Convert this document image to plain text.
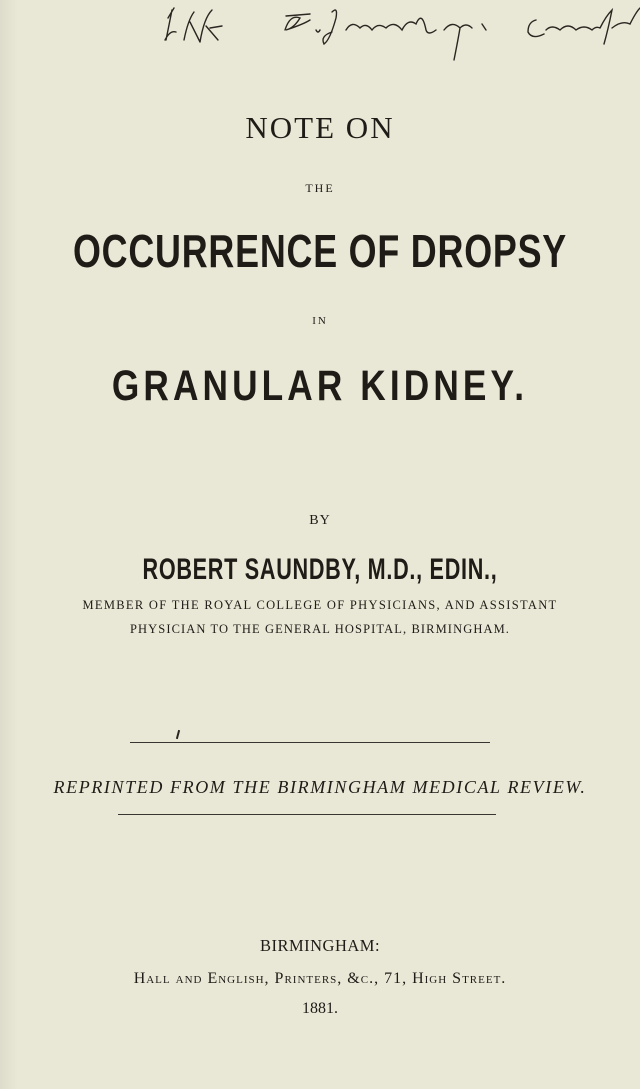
NOTE ON
THE
OCCURRENCE OF DROPSY
IN
GRANULAR KIDNEY.
BY
ROBERT SAUNDBY, M.D., EDIN.,
MEMBER OF THE ROYAL COLLEGE OF PHYSICIANS, AND ASSISTANT
PHYSICIAN TO THE GENERAL HOSPITAL, BIRMINGHAM.
REPRINTED FROM THE BIRMINGHAM MEDICAL REVIEW.
BIRMINGHAM:
Hall and English, Printers, &c., 71, High Street.
1881.
